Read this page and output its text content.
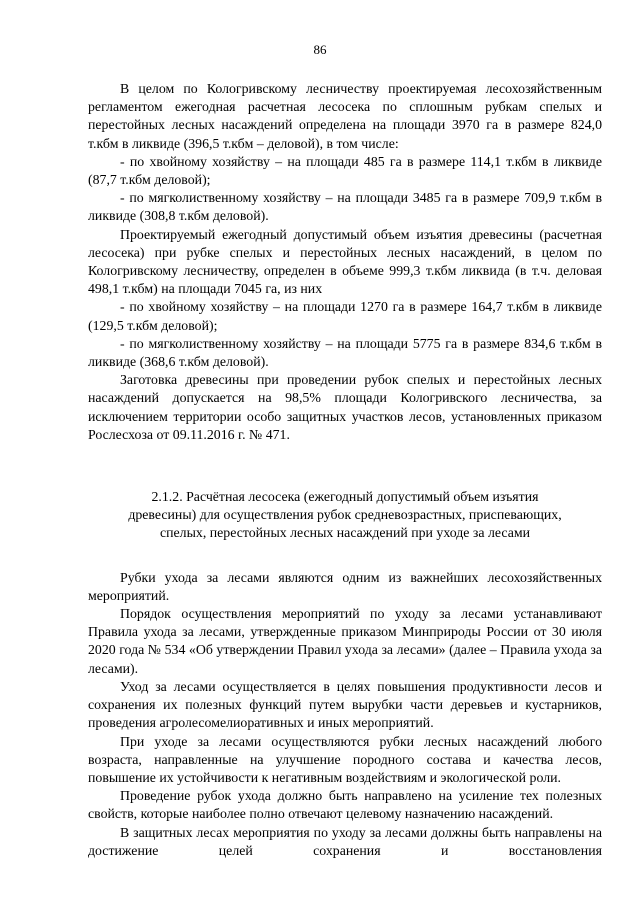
86

В целом по Кологривскому лесничеству проектируемая лесохозяйственным регламентом ежегодная расчетная лесосека по сплошным рубкам спелых и перестойных лесных насаждений определена на площади 3970 га в размере 824,0 т.кбм в ликвиде (396,5 т.кбм – деловой), в том числе:

- по хвойному хозяйству – на площади 485 га в размере 114,1 т.кбм в ликвиде (87,7 т.кбм деловой);

- по мягколиственному хозяйству – на площади 3485 га в размере 709,9 т.кбм в ликвиде (308,8 т.кбм деловой).

Проектируемый ежегодный допустимый объем изъятия древесины (расчетная лесосека) при рубке спелых и перестойных лесных насаждений, в целом по Кологривскому лесничеству, определен в объеме 999,3 т.кбм ликвида (в т.ч. деловая 498,1 т.кбм) на площади 7045 га, из них

- по хвойному хозяйству – на площади 1270 га в размере 164,7 т.кбм в ликвиде (129,5 т.кбм деловой);

- по мягколиственному хозяйству – на площади 5775 га в размере 834,6 т.кбм в ликвиде (368,6 т.кбм деловой).

Заготовка древесины при проведении рубок спелых и перестойных лесных насаждений допускается на 98,5% площади Кологривского лесничества, за исключением территории особо защитных участков лесов, установленных приказом Рослесхоза от 09.11.2016 г. № 471.

2.1.2. Расчётная лесосека (ежегодный допустимый объем изъятия

древесины) для осуществления рубок средневозрастных, приспевающих,

спелых, перестойных лесных насаждений при уходе за лесами

Рубки ухода за лесами являются одним из важнейших лесохозяйственных мероприятий.

Порядок осуществления мероприятий по уходу за лесами устанавливают Правила ухода за лесами, утвержденные приказом Минприроды России от 30 июля 2020 года № 534 «Об утверждении Правил ухода за лесами» (далее – Правила ухода за лесами).

Уход за лесами осуществляется в целях повышения продуктивности лесов и сохранения их полезных функций путем вырубки части деревьев и кустарников, проведения агролесомелиоративных и иных мероприятий.

При уходе за лесами осуществляются рубки лесных насаждений любого возраста, направленные на улучшение породного состава и качества лесов, повышение их устойчивости к негативным воздействиям и экологической роли.

Проведение рубок ухода должно быть направлено на усиление тех полезных свойств, которые наиболее полно отвечают целевому назначению насаждений.

В защитных лесах мероприятия по уходу за лесами должны быть направлены на достижение целей сохранения и восстановления
